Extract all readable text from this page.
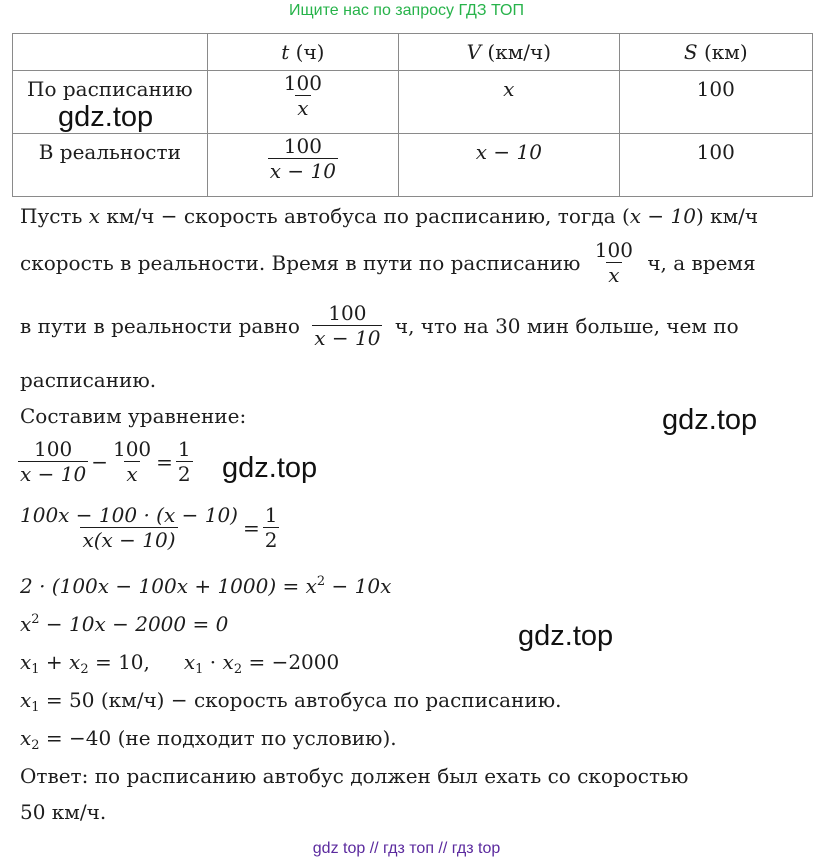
Ищите нас по запросу ГДЗ ТОП

	t (ч)	V (км/ч)	S (км)

По расписанию	$\frac{100}{x}$	x	100

В реальности	$\frac{100}{x - 10}$	x − 10	100
gdz.top
Пусть x км/ч − скорость автобуса по расписанию, тогда (x − 10) км/ч
скорость в реальности. Время в пути по расписанию $\frac{100}{x} ч$, а время
в пути в реальности равно $\frac{100}{x - 10} ч$, что на 30 мин больше, чем по
расписанию.
Составим уравнение:	gdz.top
$\frac{100}{x - 10} - \frac{100}{x} = \frac{1}{2} gdz.top$
$\frac{100x - 100 \cdot (x - 10)}{x(x - 10)} = \frac{1}{2}$
$2 \cdot (100x - 100x + 1000) = x^2 - 10x$
$x^2 - 10x - 2000 = 0$	gdz.top
$x_1 + x_2 = 10$, $x_1 \cdot x_2 = -2000$
$x_1 = 50$ (км/ч) − скорость автобуса по расписанию.
$x_2 = -40$ (не подходит по условию).
Ответ: по расписанию автобус должен был ехать со скоростью
50 км/ч.
gdz top // гдз топ // гдз top
